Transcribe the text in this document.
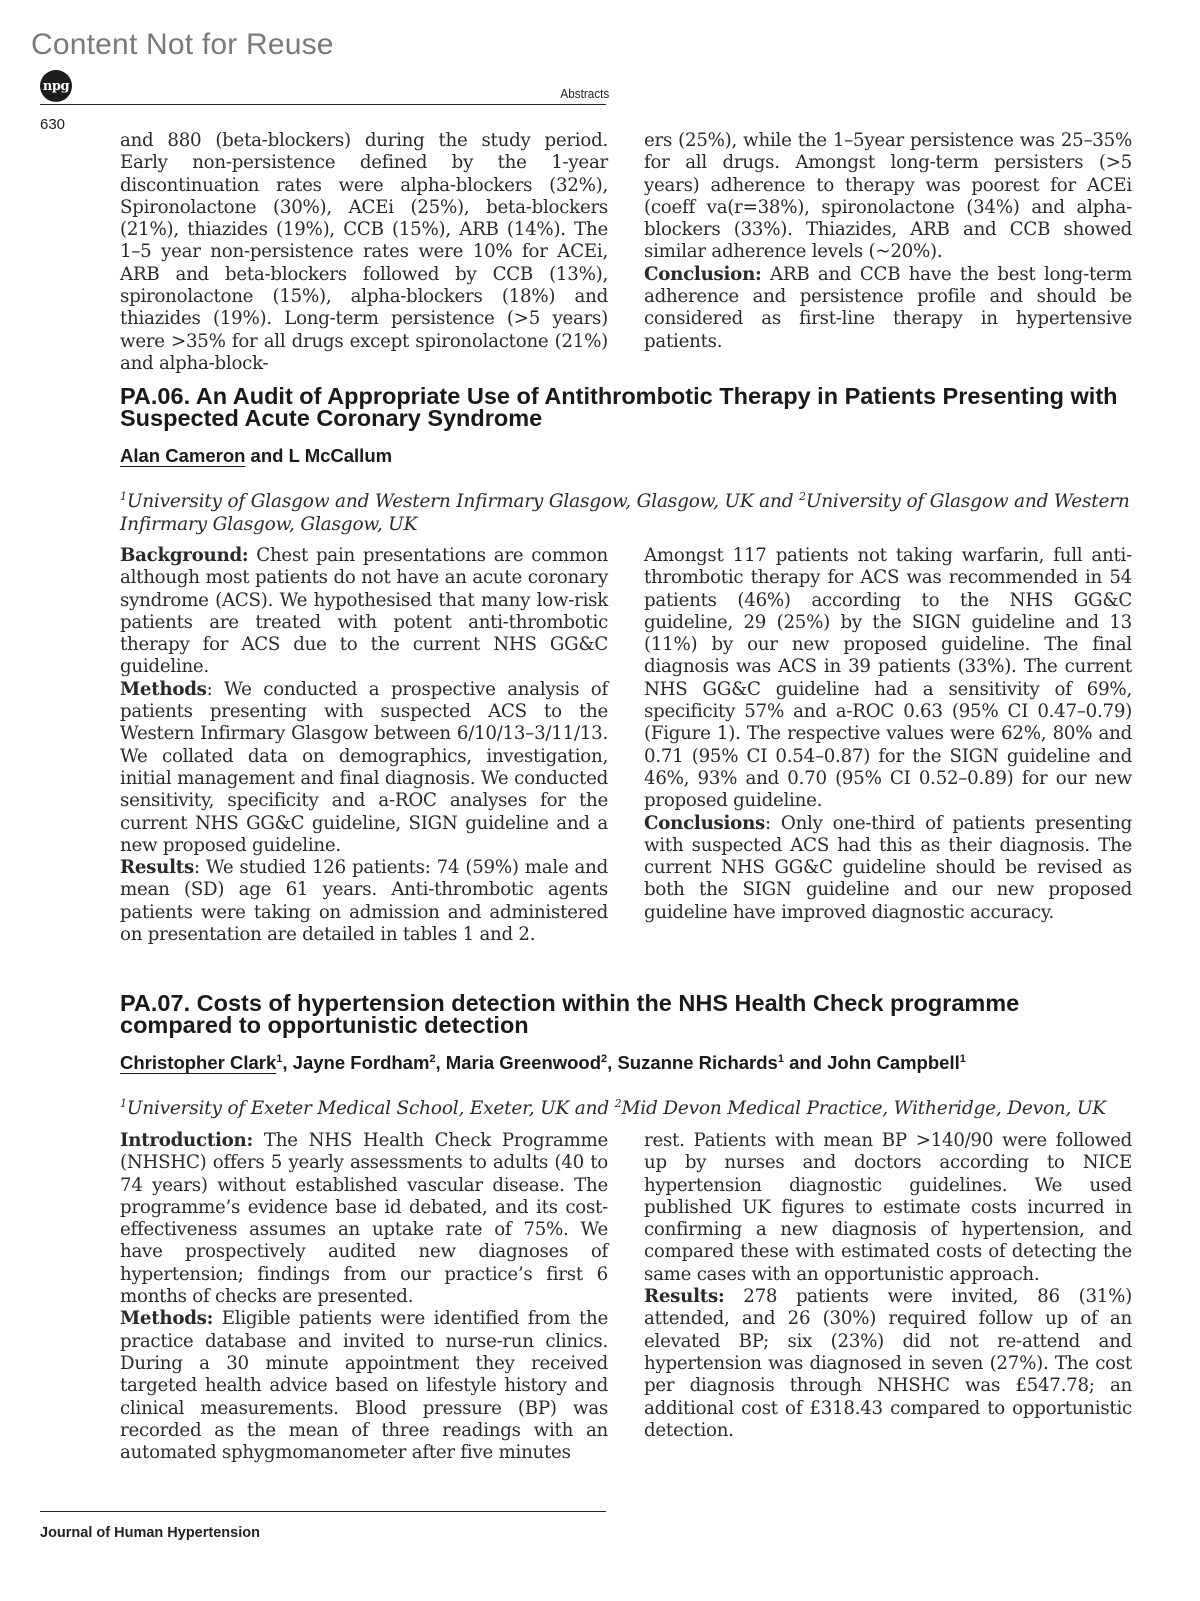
Content Not for Reuse
npg	Abstracts
630

and 880 (beta-blockers) during the study period. Early non-persistence defined by the 1-year discontinuation rates were alpha-blockers (32%), Spironolactone (30%), ACEi (25%), beta-blockers (21%), thiazides (19%), CCB (15%), ARB (14%). The 1–5 year non-persistence rates were 10% for ACEi, ARB and beta-blockers followed by CCB (13%), spironolactone (15%), alpha-blockers (18%) and thiazides (19%). Long-term persistence (>5 years) were >35% for all drugs except spironolactone (21%) and alpha-block-

ers (25%), while the 1–5year persistence was 25–35% for all drugs. Amongst long-term persisters (>5 years) adherence to therapy was poorest for ACEi (coeff va(r=38%), spironolactone (34%) and alpha-blockers (33%). Thiazides, ARB and CCB showed similar adherence levels (~20%).

Conclusion: ARB and CCB have the best long-term adherence and persistence profile and should be considered as first-line therapy in hypertensive patients.

PA.06. An Audit of Appropriate Use of Antithrombotic Therapy in Patients Presenting with Suspected Acute Coronary Syndrome
Alan Cameron and L McCallum
$^1$University of Glasgow and Western Infirmary Glasgow, Glasgow, UK and $^2$University of Glasgow and Western Infirmary Glasgow, Glasgow, UK

Background: Chest pain presentations are common although most patients do not have an acute coronary syndrome (ACS). We hypothesised that many low-risk patients are treated with potent anti-thrombotic therapy for ACS due to the current NHS GG&C guideline.

Methods: We conducted a prospective analysis of patients presenting with suspected ACS to the Western Infirmary Glasgow between 6/10/13–3/11/13. We collated data on demographics, investigation, initial management and final diagnosis. We conducted sensitivity, specificity and a-ROC analyses for the current NHS GG&C guideline, SIGN guideline and a new proposed guideline.

Results: We studied 126 patients: 74 (59%) male and mean (SD) age 61 years. Anti-thrombotic agents patients were taking on admission and administered on presentation are detailed in tables 1 and 2.

Amongst 117 patients not taking warfarin, full anti-thrombotic therapy for ACS was recommended in 54 patients (46%) according to the NHS GG&C guideline, 29 (25%) by the SIGN guideline and 13 (11%) by our new proposed guideline. The final diagnosis was ACS in 39 patients (33%). The current NHS GG&C guideline had a sensitivity of 69%, specificity 57% and a-ROC 0.63 (95% CI 0.47–0.79) (Figure 1). The respective values were 62%, 80% and 0.71 (95% CI 0.54–0.87) for the SIGN guideline and 46%, 93% and 0.70 (95% CI 0.52–0.89) for our new proposed guideline.

Conclusions: Only one-third of patients presenting with suspected ACS had this as their diagnosis. The current NHS GG&C guideline should be revised as both the SIGN guideline and our new proposed guideline have improved diagnostic accuracy.

PA.07. Costs of hypertension detection within the NHS Health Check programme compared to opportunistic detection
Christopher Clark$^1$, Jayne Fordham$^2$, Maria Greenwood$^2$, Suzanne Richards$^1$ and John Campbell$^1$
$^1$University of Exeter Medical School, Exeter, UK and $^2$Mid Devon Medical Practice, Witheridge, Devon, UK

Introduction: The NHS Health Check Programme (NHSHC) offers 5 yearly assessments to adults (40 to 74 years) without established vascular disease. The programme’s evidence base id debated, and its cost-effectiveness assumes an uptake rate of 75%. We have prospectively audited new diagnoses of hypertension; findings from our practice’s first 6 months of checks are presented.

Methods: Eligible patients were identified from the practice database and invited to nurse-run clinics. During a 30 minute appointment they received targeted health advice based on lifestyle history and clinical measurements. Blood pressure (BP) was recorded as the mean of three readings with an automated sphygmomanometer after five minutes

rest. Patients with mean BP >140/90 were followed up by nurses and doctors according to NICE hypertension diagnostic guidelines. We used published UK figures to estimate costs incurred in confirming a new diagnosis of hypertension, and compared these with estimated costs of detecting the same cases with an opportunistic approach.

Results: 278 patients were invited, 86 (31%) attended, and 26 (30%) required follow up of an elevated BP; six (23%) did not re-attend and hypertension was diagnosed in seven (27%). The cost per diagnosis through NHSHC was £547.78; an additional cost of £318.43 compared to opportunistic detection.

Journal of Human Hypertension
